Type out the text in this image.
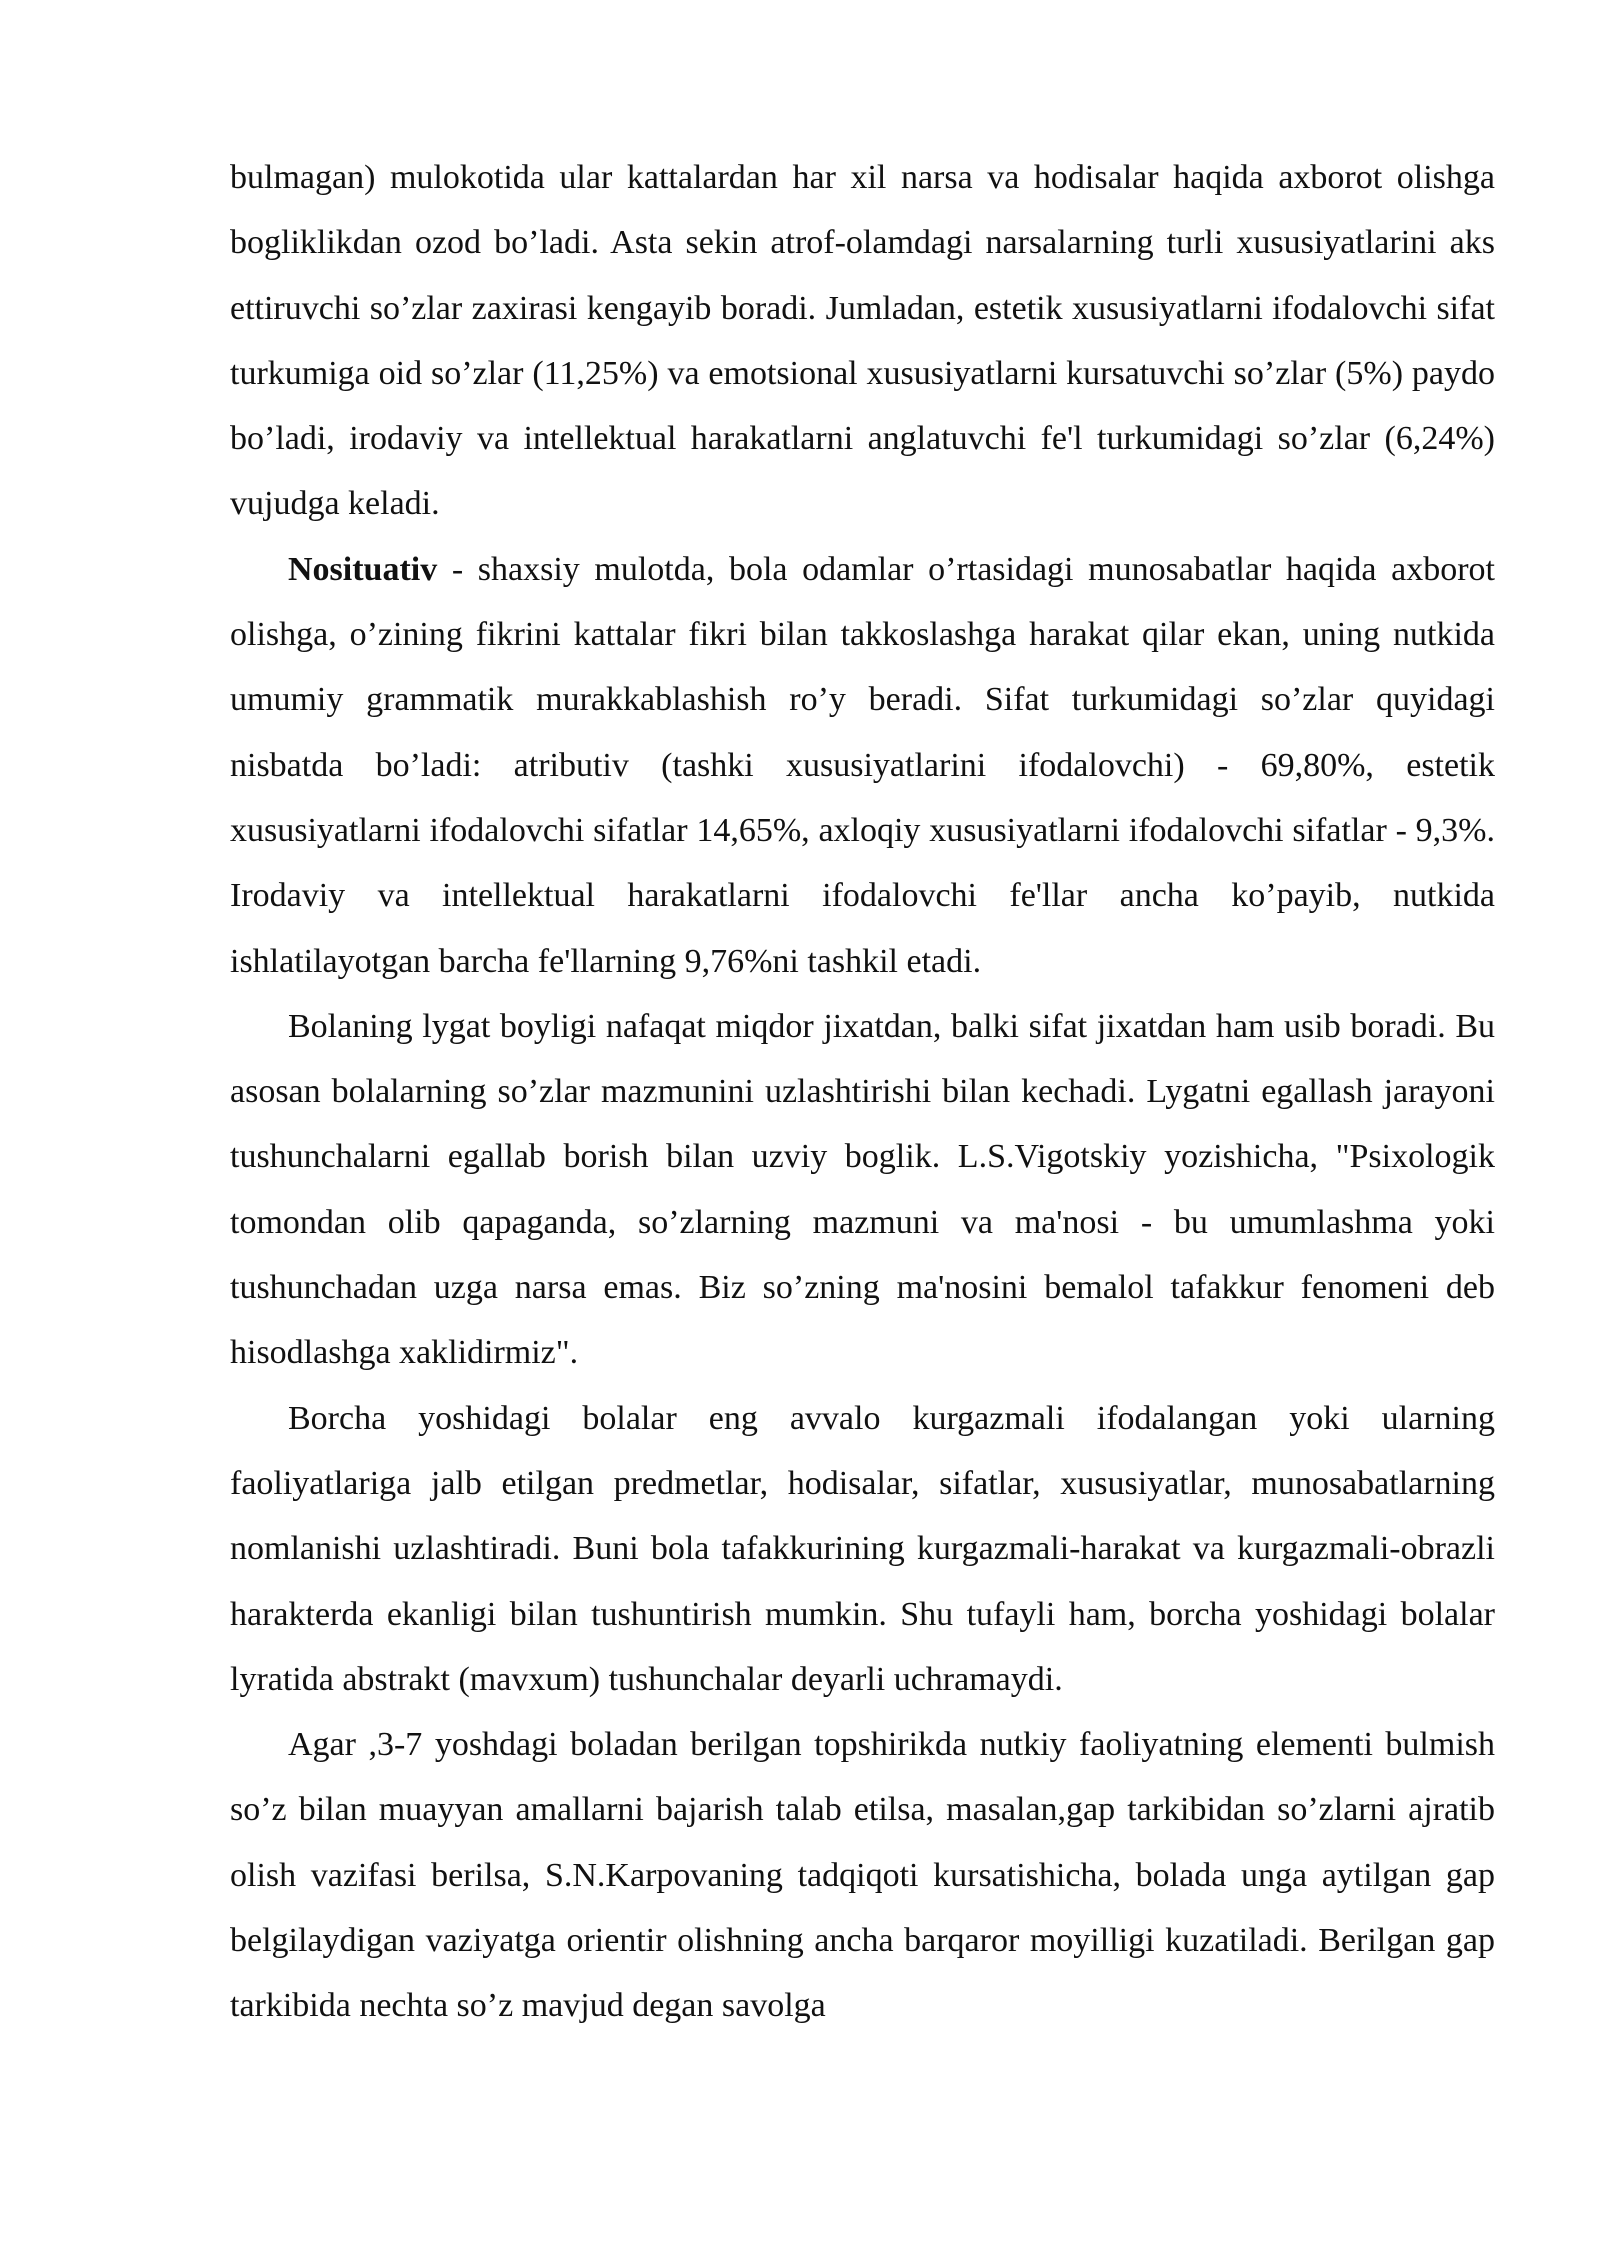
bulmagan) mulokotida ular kattalardan har xil narsa va hodisalar haqida axborot olishga bogliklikdan ozod bo’ladi. Asta sekin atrof-olamdagi narsalarning turli xususiyatlarini aks ettiruvchi so’zlar zaxirasi kengayib boradi. Jumladan, estetik xususiyatlarni ifodalovchi sifat turkumiga oid so’zlar (11,25%) va emotsional xususiyatlarni kursatuvchi so’zlar (5%) paydo bo’ladi, irodaviy va intellektual harakatlarni anglatuvchi fe'l turkumidagi so’zlar (6,24%) vujudga keladi.

Nosituativ - shaxsiy mulotda, bola odamlar o’rtasidagi munosabatlar haqida axborot olishga, o’zining fikrini kattalar fikri bilan takkoslashga harakat qilar ekan, uning nutkida umumiy grammatik murakkablashish ro’y beradi. Sifat turkumidagi so’zlar quyidagi nisbatda bo’ladi: atributiv (tashki xususiyatlarini ifodalovchi) - 69,80%, estetik xususiyatlarni ifodalovchi sifatlar 14,65%, axloqiy xususiyatlarni ifodalovchi sifatlar - 9,3%. Irodaviy va intellektual harakatlarni ifodalovchi fe'llar ancha ko’payib, nutkida ishlatilayotgan barcha fe'llarning 9,76%ni tashkil etadi.

Bolaning lygat boyligi nafaqat miqdor jixatdan, balki sifat jixatdan ham usib boradi. Bu asosan bolalarning so’zlar mazmunini uzlashtirishi bilan kechadi. Lygatni egallash jarayoni tushunchalarni egallab borish bilan uzviy boglik. L.S.Vigotskiy yozishicha, "Psixologik tomondan olib qapaganda, so’zlarning mazmuni va ma'nosi - bu umumlashma yoki tushunchadan uzga narsa emas. Biz so’zning ma'nosini bemalol tafakkur fenomeni deb hisodlashga xaklidirmiz".

Borcha yoshidagi bolalar eng avvalo kurgazmali ifodalangan yoki ularning faoliyatlariga jalb etilgan predmetlar, hodisalar, sifatlar, xususiyatlar, munosabatlarning nomlanishi uzlashtiradi. Buni bola tafakkurining kurgazmali-harakat va kurgazmali-obrazli harakterda ekanligi bilan tushuntirish mumkin. Shu tufayli ham, borcha yoshidagi bolalar lyratida abstrakt (mavxum) tushunchalar deyarli uchramaydi.

Agar ,3-7 yoshdagi boladan berilgan topshirikda nutkiy faoliyatning elementi bulmish so’z bilan muayyan amallarni bajarish talab etilsa, masalan,gap tarkibidan so’zlarni ajratib olish vazifasi berilsa, S.N.Karpovaning tadqiqoti kursatishicha, bolada unga aytilgan gap belgilaydigan vaziyatga orientir olishning ancha barqaror moyilligi kuzatiladi. Berilgan gap tarkibida nechta so’z mavjud degan savolga
